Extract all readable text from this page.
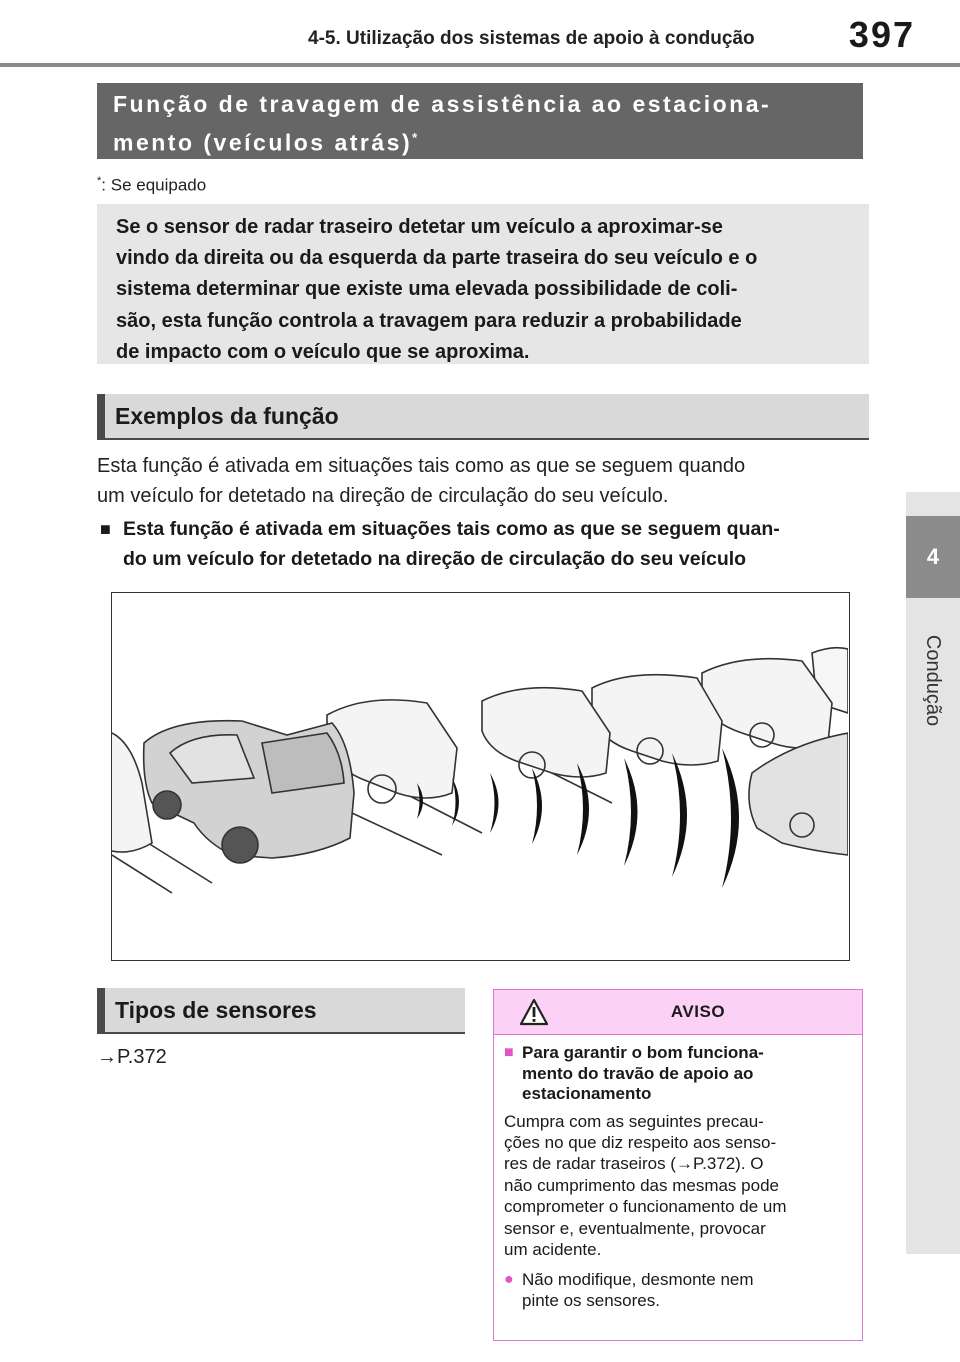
4-5. Utilização dos sistemas de apoio à condução	397
4
Condução
Função de travagem de assistência ao estaciona-
mento (veículos atrás)*
*: Se equipado

Se o sensor de radar traseiro detetar um veículo a aproximar-se

vindo da direita ou da esquerda da parte traseira do seu veículo e o

sistema determinar que existe uma elevada possibilidade de coli-

são, esta função controla a travagem para reduzir a probabilidade

de impacto com o veículo que se aproxima.

Exemplos da função
Esta função é ativada em situações tais como as que se seguem quando
um veículo for detetado na direção de circulação do seu veículo.
■ Esta função é ativada em situações tais como as que se seguem quan-
do um veículo for detetado na direção de circulação do seu veículo
Tipos de sensores
→P.372
AVISO
■ Para garantir o bom funciona-
mento do travão de apoio ao
estacionamento
Cumpra com as seguintes precau-
ções no que diz respeito aos senso-
res de radar traseiros (→P.372). O
não cumprimento das mesmas pode
comprometer o funcionamento de um
sensor e, eventualmente, provocar
um acidente.
● Não modifique, desmonte nem
pinte os sensores.
